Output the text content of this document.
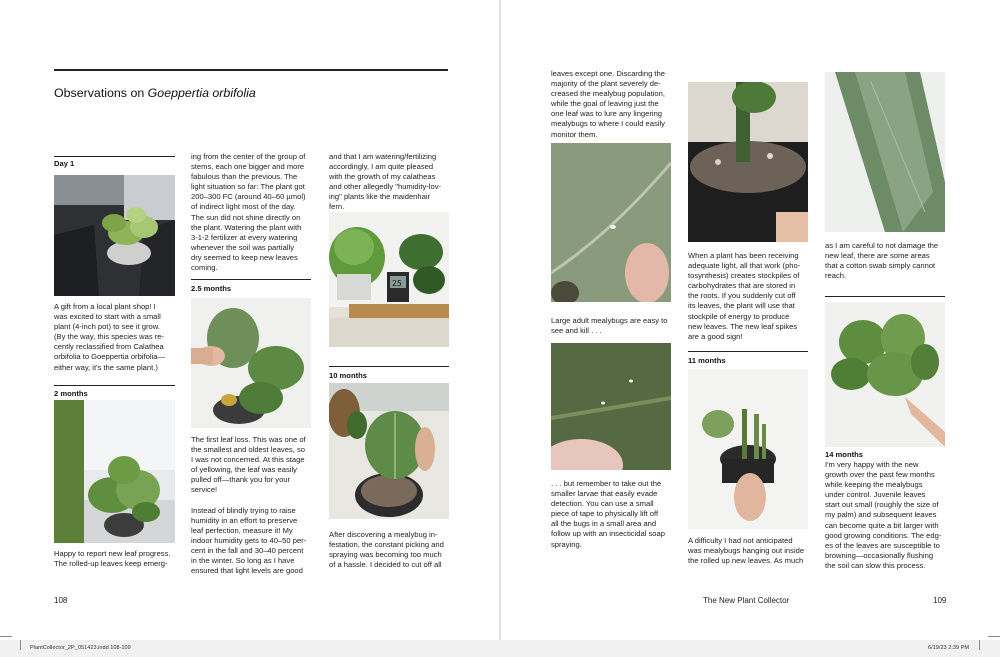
Observations on Goeppertia orbifolia
Day 1
A gift from a local plant shop! I
was excited to start with a small
plant (4-inch pot) to see it grow.
(By the way, this species was re-
cently reclassified from Calathea
orbifolia to Goeppertia orbifolia—
either way, it's the same plant.)
2 months
Happy to report new leaf progress.
The rolled-up leaves keep emerg-
ing from the center of the group of
stems, each one bigger and more
fabulous than the previous. The
light situation so far: The plant got
200–300 FC (around 40–60 µmol)
of indirect light most of the day.
The sun did not shine directly on
the plant. Watering the plant with
3-1-2 fertilizer at every watering
whenever the soil was partially
dry seemed to keep new leaves
coming.
2.5 months
The first leaf loss. This was one of
the smallest and oldest leaves, so
I was not concerned. At this stage
of yellowing, the leaf was easily
pulled off—thank you for your
service!

Instead of blindly trying to raise
humidity in an effort to preserve
leaf perfection, measure it! My
indoor humidity gets to 40–50 per-
cent in the fall and 30–40 percent
in the winter. So long as I have
ensured that light levels are good
and that I am watering/fertilizing
accordingly, I am quite pleased
with the growth of my calatheas
and other allegedly "humidity-lov-
ing" plants like the maidenhair
fern.
25
10 months
After discovering a mealybug in-
festation, the constant picking and
spraying was becoming too much
of a hassle. I decided to cut off all
108
leaves except one. Discarding the
majority of the plant severely de-
creased the mealybug population,
while the goal of leaving just the
one leaf was to lure any lingering
mealybugs to where I could easily
monitor them.
Large adult mealybugs are easy to
see and kill . . .
. . . but remember to take out the
smaller larvae that easily evade
detection. You can use a small
piece of tape to physically lift off
all the bugs in a small area and
follow up with an insecticidal soap
spraying.
When a plant has been receiving
adequate light, all that work (pho-
tosynthesis) creates stockpiles of
carbohydrates that are stored in
the roots. If you suddenly cut off
its leaves, the plant will use that
stockpile of energy to produce
new leaves. The new leaf spikes
are a good sign!
11 months
A difficulty I had not anticipated
was mealybugs hanging out inside
the rolled up new leaves. As much
as I am careful to not damage the
new leaf, there are some areas
that a cotton swab simply cannot
reach.
14 months
I'm very happy with the new
growth over the past few months
while keeping the mealybugs
under control. Juvenile leaves
start out small (roughly the size of
my palm) and subsequent leaves
can become quite a bit larger with
good growing conditions. The edg-
es of the leaves are susceptible to
browning—occasionally flushing
the soil can slow this process.
The New Plant Collector	109
PlantCollector_2P_051423.indd 108-109	6/19/23 2:39 PM
